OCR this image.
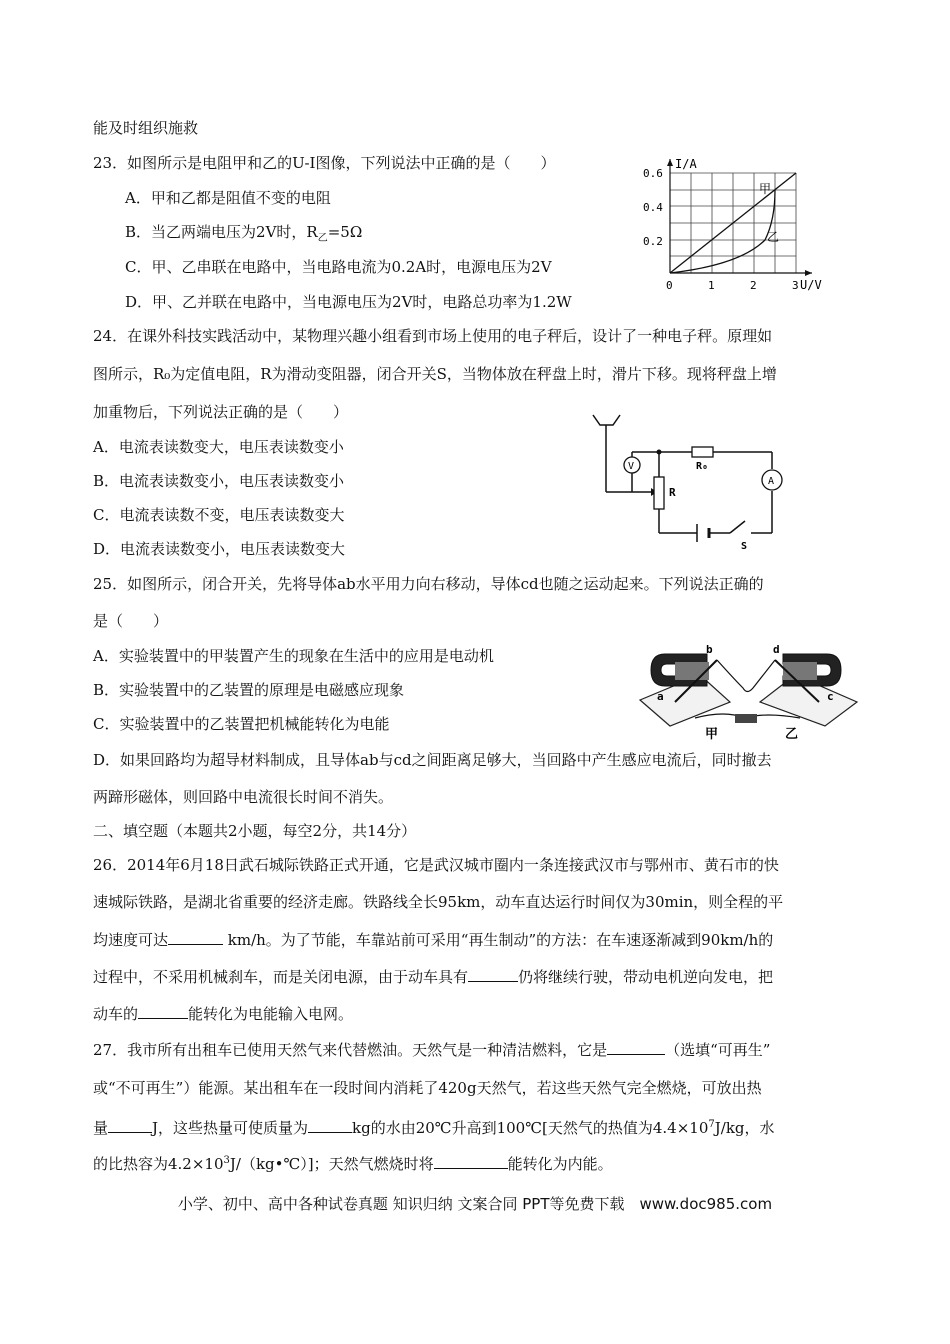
能及时组织施救
23．如图所示是电阻甲和乙的U-I图像，下列说法中正确的是（　　）
A．甲和乙都是阻值不变的电阻
B．当乙两端电压为2V时，$R_乙=5\Omega$
C．甲、乙串联在电路中，当电路电流为0.2A时，电源电压为2V
D．甲、乙并联在电路中，当电源电压为2V时，电路总功率为1.2W
24．在课外科技实践活动中，某物理兴趣小组看到市场上使用的电子秤后，设计了一种电子秤。原理如
图所示，R₀为定值电阻，R为滑动变阻器，闭合开关S，当物体放在秤盘上时，滑片下移。现将秤盘上增
加重物后，下列说法正确的是（　　）
A．电流表读数变大，电压表读数变小
B．电流表读数变小，电压表读数变小
C．电流表读数不变，电压表读数变大
D．电流表读数变小，电压表读数变大
25．如图所示，闭合开关，先将导体ab水平用力向右移动，导体cd也随之运动起来。下列说法正确的
是（　　）
A．实验装置中的甲装置产生的现象在生活中的应用是电动机
B．实验装置中的乙装置的原理是电磁感应现象
C．实验装置中的乙装置把机械能转化为电能
D．如果回路均为超导材料制成，且导体ab与cd之间距离足够大，当回路中产生感应电流后，同时撤去
两蹄形磁体，则回路中电流很长时间不消失。
二、填空题（本题共2小题，每空2分，共14分）
26．2014年6月18日武石城际铁路正式开通，它是武汉城市圈内一条连接武汉市与鄂州市、黄石市的快
速城际铁路，是湖北省重要的经济走廊。铁路线全长95km，动车直达运行时间仅为30min，则全程的平
均速度可达	km/h。为了节能，车靠站前可采用“再生制动”的方法：在车速逐渐减到90km/h的
过程中，不采用机械刹车，而是关闭电源，由于动车具有	仍将继续行驶，带动电机逆向发电，把
动车的	能转化为电能输入电网。
27．我市所有出租车已使用天然气来代替燃油。天然气是一种清洁燃料，它是	（选填“可再生”
或“不可再生”）能源。某出租车在一段时间内消耗了420g天然气，若这些天然气完全燃烧，可放出热
量	J，这些热量可使质量为	kg的水由20℃升高到100℃[天然气的热值为$4.4\times 10^7J/kg$，水
的比热容为$4.2\times 10^3J/(kg•℃)$]；天然气燃烧时将	能转化为内能。
小学、初中、高中各种试卷真题 知识归纳 文案合同 PPT等免费下载　www.doc985.com
I/A
U/V
0.6
0.4
0.2
0	1	2	3
甲
乙
V	R₀
A
R
S
b	d
a	c
甲	乙
